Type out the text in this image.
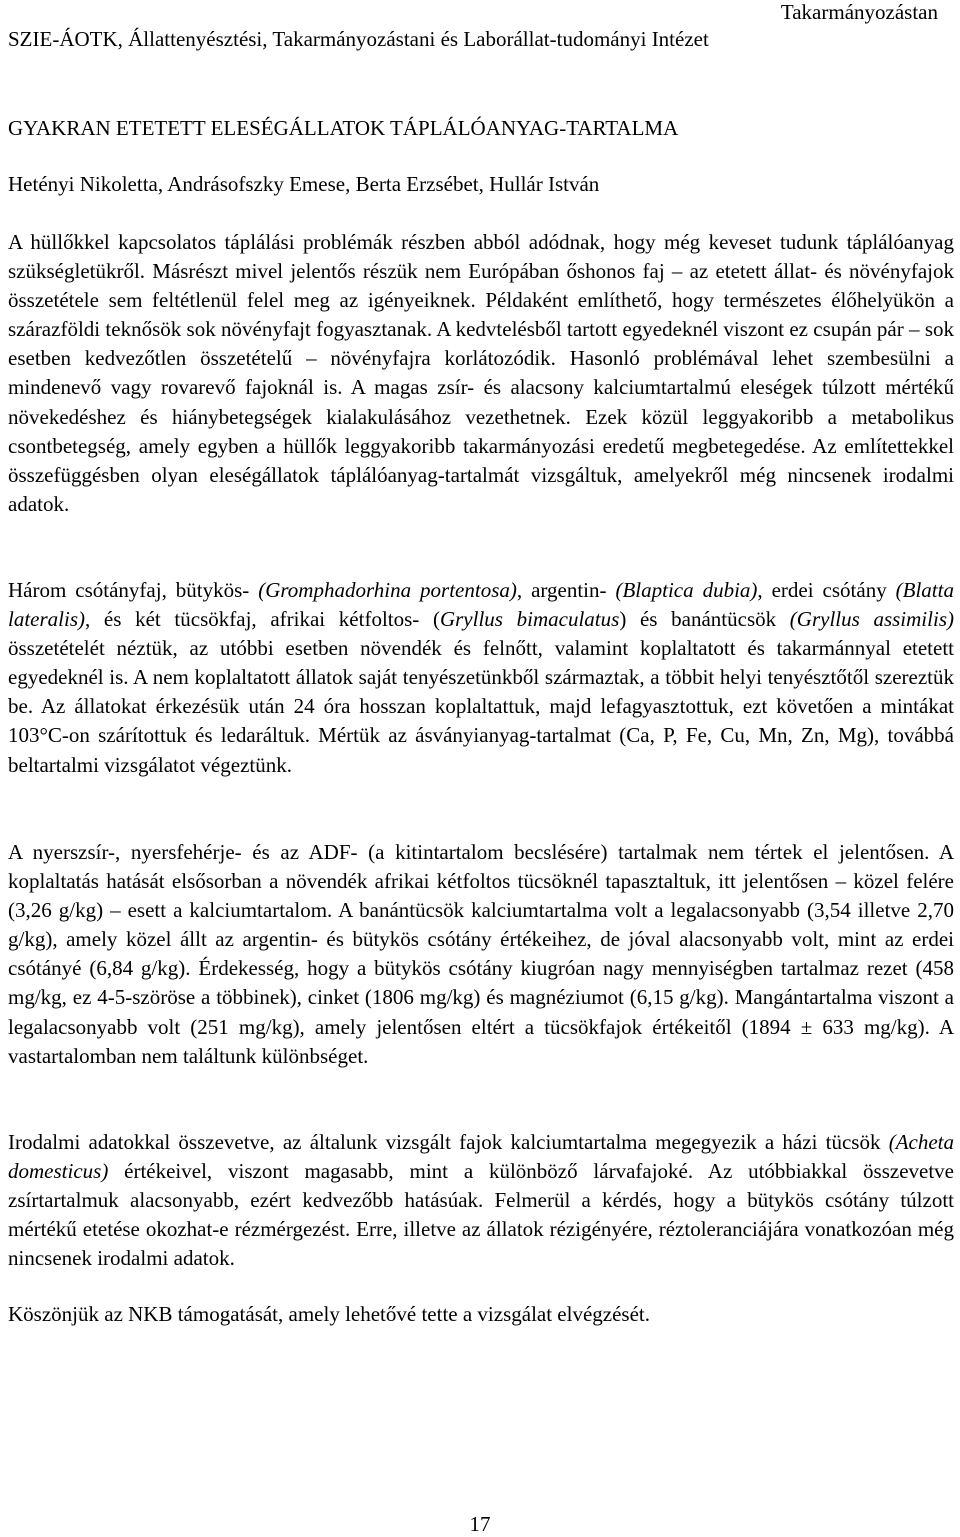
Takarmányozástan
SZIE-ÁOTK, Állattenyésztési, Takarmányozástani és Laborállat-tudományi Intézet
GYAKRAN ETETETT ELESÉGÁLLATOK TÁPLÁLÓANYAG-TARTALMA
Hetényi Nikoletta, Andrásofszky Emese, Berta Erzsébet, Hullár István

A hüllőkkel kapcsolatos táplálási problémák részben abból adódnak, hogy még keveset tudunk táplálóanyag szükségletükről. Másrészt mivel jelentős részük nem Európában őshonos faj – az etetett állat- és növényfajok összetétele sem feltétlenül felel meg az igényeiknek. Példaként említhető, hogy természetes élőhelyükön a szárazföldi teknősök sok növényfajt fogyasztanak. A kedvtelésből tartott egyedeknél viszont ez csupán pár – sok esetben kedvezőtlen összetételű – növényfajra korlátozódik. Hasonló problémával lehet szembesülni a mindenevő vagy rovarevő fajoknál is. A magas zsír- és alacsony kalciumtartalmú eleségek túlzott mértékű növekedéshez és hiánybetegségek kialakulásához vezethetnek. Ezek közül leggyakoribb a metabolikus csontbetegség, amely egyben a hüllők leggyakoribb takarmányozási eredetű megbetegedése. Az említettekkel összefüggésben olyan eleségállatok táplálóanyag-tartalmát vizsgáltuk, amelyekről még nincsenek irodalmi adatok.

Három csótányfaj, bütykös- (Gromphadorhina portentosa), argentin- (Blaptica dubia), erdei csótány (Blatta lateralis), és két tücsökfaj, afrikai kétfoltos- (Gryllus bimaculatus) és banántücsök (Gryllus assimilis) összetételét néztük, az utóbbi esetben növendék és felnőtt, valamint koplaltatott és takarmánnyal etetett egyedeknél is. A nem koplaltatott állatok saját tenyészetünkből származtak, a többit helyi tenyésztőtől szereztük be. Az állatokat érkezésük után 24 óra hosszan koplaltattuk, majd lefagyasztottuk, ezt követően a mintákat 103°C-on szárítottuk és ledaráltuk. Mértük az ásványianyag-tartalmat (Ca, P, Fe, Cu, Mn, Zn, Mg), továbbá beltartalmi vizsgálatot végeztünk.

A nyerszsír-, nyersfehérje- és az ADF- (a kitintartalom becslésére) tartalmak nem tértek el jelentősen. A koplaltatás hatását elsősorban a növendék afrikai kétfoltos tücsöknél tapasztaltuk, itt jelentősen – közel felére (3,26 g/kg) – esett a kalciumtartalom. A banántücsök kalciumtartalma volt a legalacsonyabb (3,54 illetve 2,70 g/kg), amely közel állt az argentin- és bütykös csótány értékeihez, de jóval alacsonyabb volt, mint az erdei csótányé (6,84 g/kg). Érdekesség, hogy a bütykös csótány kiugróan nagy mennyiségben tartalmaz rezet (458 mg/kg, ez 4-5-szöröse a többinek), cinket (1806 mg/kg) és magnéziumot (6,15 g/kg). Mangántartalma viszont a legalacsonyabb volt (251 mg/kg), amely jelentősen eltért a tücsökfajok értékeitől (1894 ± 633 mg/kg). A vastartalomban nem találtunk különbséget.

Irodalmi adatokkal összevetve, az általunk vizsgált fajok kalciumtartalma megegyezik a házi tücsök (Acheta domesticus) értékeivel, viszont magasabb, mint a különböző lárvafajoké. Az utóbbiakkal összevetve zsírtartalmuk alacsonyabb, ezért kedvezőbb hatásúak. Felmerül a kérdés, hogy a bütykös csótány túlzott mértékű etetése okozhat-e rézmérgezést. Erre, illetve az állatok rézigényére, réztoleranciájára vonatkozóan még nincsenek irodalmi adatok.

Köszönjük az NKB támogatását, amely lehetővé tette a vizsgálat elvégzését.

17
